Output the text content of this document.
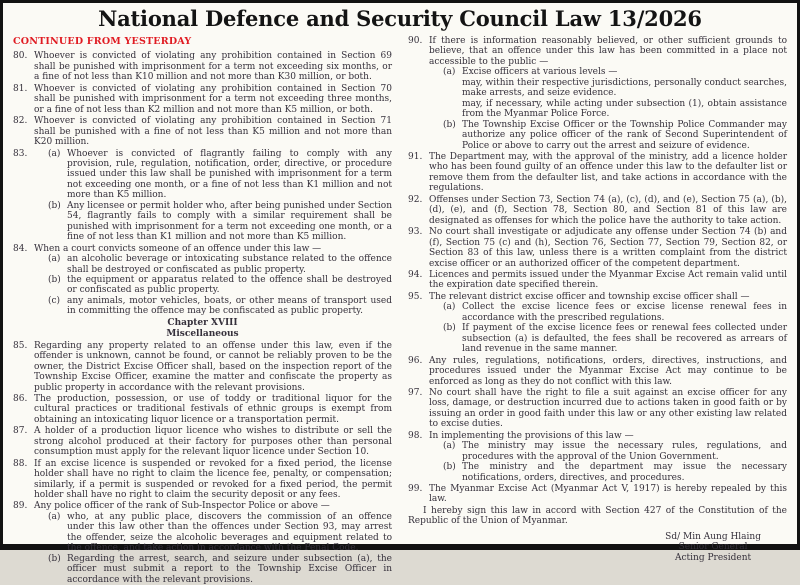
National Defence and Security Council Law 13/2026
CONTINUED FROM YESTERDAY
80. Whoever is convicted of violating any prohibition contained in Section 69 shall be punished with imprisonment for a term not exceeding six months, or a fine of not less than K10 million and not more than K30 million, or both.
81. Whoever is convicted of violating any prohibition contained in Section 70 shall be punished with imprisonment for a term not exceeding three months, or a fine of not less than K2 million and not more than K5 million, or both.
82. Whoever is convicted of violating any prohibition contained in Section 71 shall be punished with a fine of not less than K5 million and not more than K20 million.
83.	(a) Whoever is convicted of flagrantly failing to comply with any provision, rule, regulation, notification, order, directive, or procedure issued under this law shall be punished with imprisonment for a term not exceeding one month, or a fine of not less than K1 million and not more than K5 million.
(b) Any licensee or permit holder who, after being punished under Section 54, flagrantly fails to comply with a similar requirement shall be punished with imprisonment for a term not exceeding one month, or a fine of not less than K1 million and not more than K5 million.
84. When a court convicts someone of an offence under this law —
(a) an alcoholic beverage or intoxicating substance related to the offence shall be destroyed or confiscated as public property.
(b) the equipment or apparatus related to the offence shall be destroyed or confiscated as public property.
(c) any animals, motor vehicles, boats, or other means of transport used in committing the offence may be confiscated as public property.
Chapter XVIII
Miscellaneous
85. Regarding any property related to an offense under this law, even if the offender is unknown, cannot be found, or cannot be reliably proven to be the owner, the District Excise Officer shall, based on the inspection report of the Township Excise Officer, examine the matter and confiscate the property as public property in accordance with the relevant provisions.
86. The production, possession, or use of toddy or traditional liquor for the cultural practices or traditional festivals of ethnic groups is exempt from obtaining an intoxicating liquor licence or a transportation permit.
87. A holder of a production liquor licence who wishes to distribute or sell the strong alcohol produced at their factory for purposes other than personal consumption must apply for the relevant liquor licence under Section 10.
88. If an excise licence is suspended or revoked for a fixed period, the license holder shall have no right to claim the licence fee, penalty, or compensation; similarly, if a permit is suspended or revoked for a fixed period, the permit holder shall have no right to claim the security deposit or any fees.
89. Any police officer of the rank of Sub-Inspector Police or above —
(a) who, at any public place, discovers the commission of an offence under this law other than the offences under Section 93, may arrest the offender, seize the alcoholic beverages and equipment related to the offence, and take action in accordance with the Penal Code.
(b) Regarding the arrest, search, and seizure under subsection (a), the officer must submit a report to the Township Excise Officer in accordance with the relevant provisions.
90. If there is information reasonably believed, or other sufficient grounds to believe, that an offence under this law has been committed in a place not accessible to the public —
(a) Excise officers at various levels —
may, within their respective jurisdictions, personally conduct searches, make arrests, and seize evidence.
may, if necessary, while acting under subsection (1), obtain assistance from the Myanmar Police Force.
(b) The Township Excise Officer or the Township Police Commander may authorize any police officer of the rank of Second Superintendent of Police or above to carry out the arrest and seizure of evidence.
91. The Department may, with the approval of the ministry, add a licence holder who has been found guilty of an offence under this law to the defaulter list or remove them from the defaulter list, and take actions in accordance with the regulations.
92. Offenses under Section 73, Section 74 (a), (c), (d), and (e), Section 75 (a), (b), (d), (e), and (f), Section 78, Section 80, and Section 81 of this law are designated as offenses for which the police have the authority to take action.
93. No court shall investigate or adjudicate any offense under Section 74 (b) and (f), Section 75 (c) and (h), Section 76, Section 77, Section 79, Section 82, or Section 83 of this law, unless there is a written complaint from the district excise officer or an authorized officer of the competent department.
94. Licences and permits issued under the Myanmar Excise Act remain valid until the expiration date specified therein.
95. The relevant district excise officer and township excise officer shall —
(a) Collect the excise licence fees or excise license renewal fees in accordance with the prescribed regulations.
(b) If payment of the excise licence fees or renewal fees collected under subsection (a) is defaulted, the fees shall be recovered as arrears of land revenue in the same manner.
96. Any rules, regulations, notifications, orders, directives, instructions, and procedures issued under the Myanmar Excise Act may continue to be enforced as long as they do not conflict with this law.
97. No court shall have the right to file a suit against an excise officer for any loss, damage, or destruction incurred due to actions taken in good faith or by issuing an order in good faith under this law or any other existing law related to excise duties.
98. In implementing the provisions of this law —
(a) The ministry may issue the necessary rules, regulations, and procedures with the approval of the Union Government.
(b) The ministry and the department may issue the necessary notifications, orders, directives, and procedures.
99. The Myanmar Excise Act (Myanmar Act V, 1917) is hereby repealed by this law.
I hereby sign this law in accord with Section 427 of the Constitution of the Republic of the Union of Myanmar.
Sd/ Min Aung Hlaing
Senior General
Acting President
